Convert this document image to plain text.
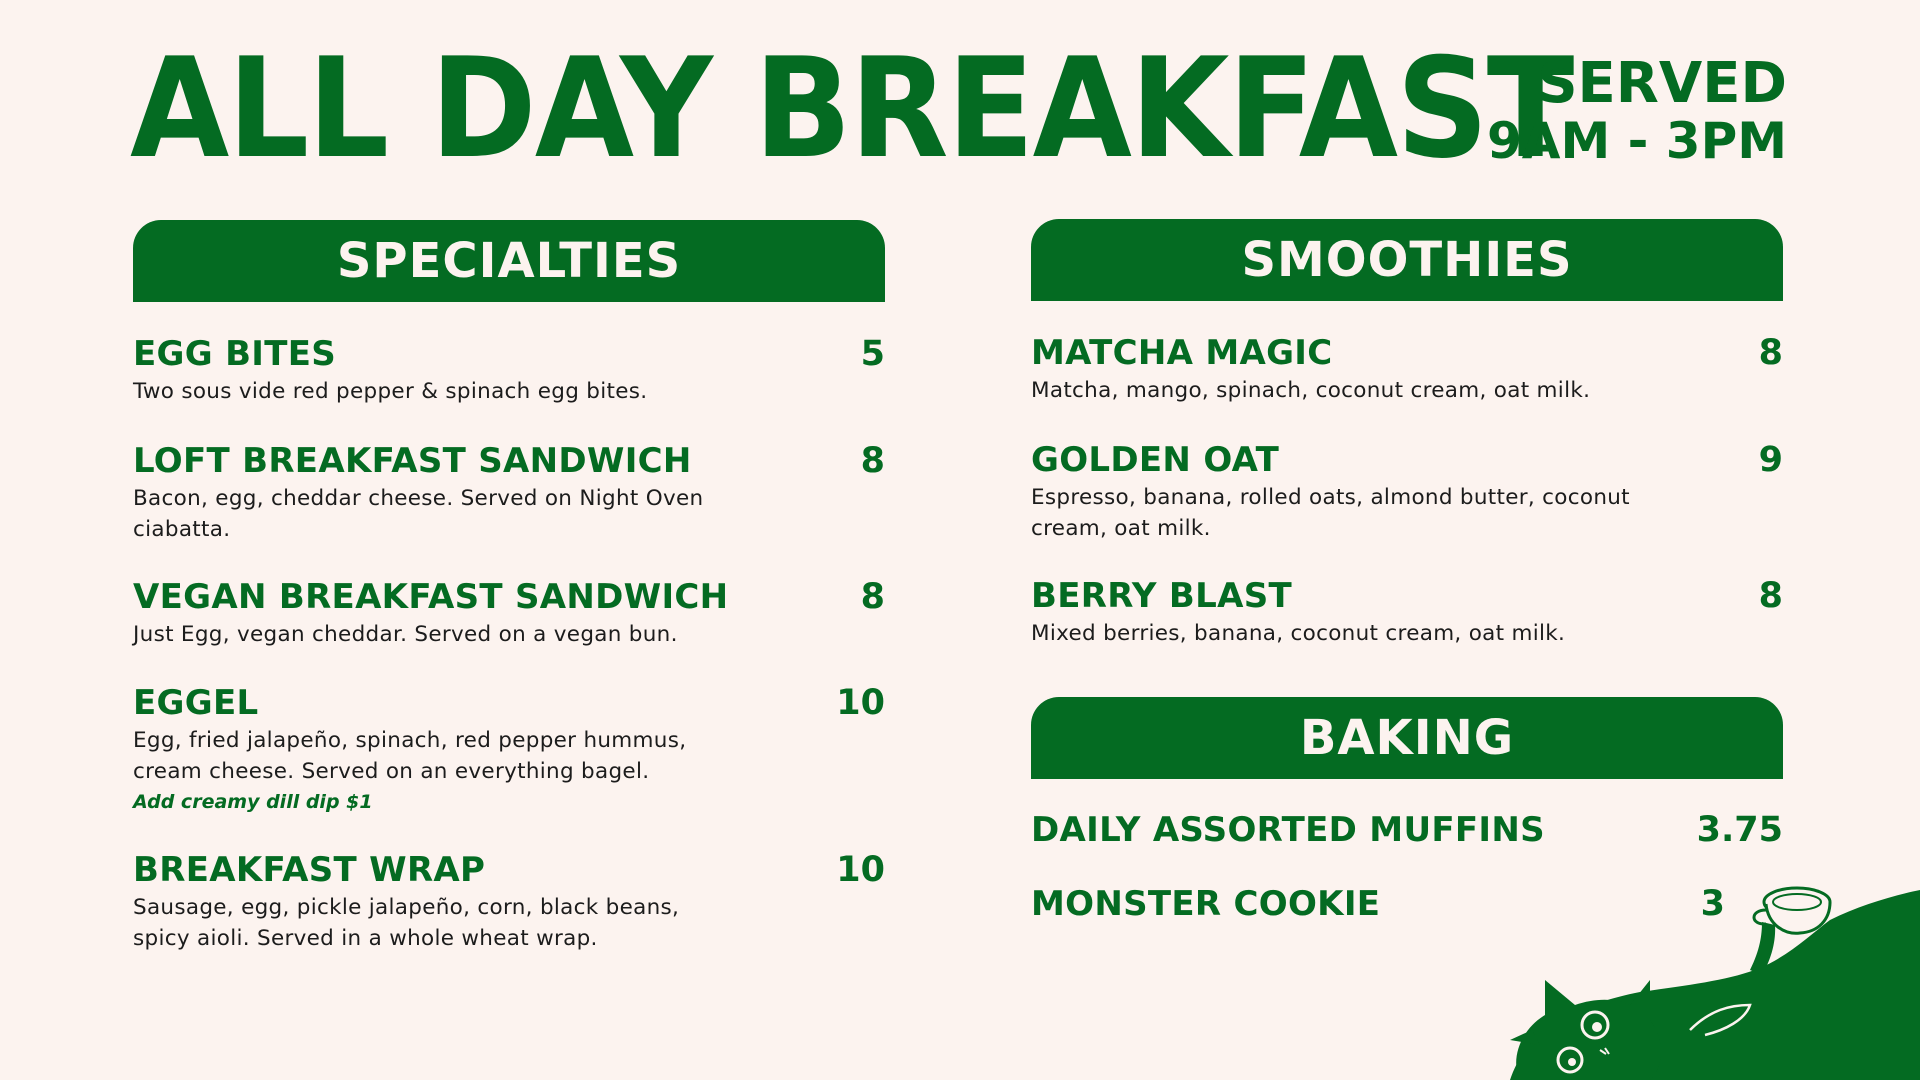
ALL DAY BREAKFAST
SERVED
9AM - 3PM
SPECIALTIES
EGG BITES	5
Two sous vide red pepper & spinach egg bites.
LOFT BREAKFAST SANDWICH	8
Bacon, egg, cheddar cheese. Served on Night Oven ciabatta.
VEGAN BREAKFAST SANDWICH	8
Just Egg, vegan cheddar. Served on a vegan bun.
EGGEL	10
Egg, fried jalapeño, spinach, red pepper hummus, cream cheese. Served on an everything bagel.
Add creamy dill dip $1
BREAKFAST WRAP	10
Sausage, egg, pickle jalapeño, corn, black beans, spicy aioli. Served in a whole wheat wrap.
SMOOTHIES
MATCHA MAGIC	8
Matcha, mango, spinach, coconut cream, oat milk.
GOLDEN OAT	9
Espresso, banana, rolled oats, almond butter, coconut cream, oat milk.
BERRY BLAST	8
Mixed berries, banana, coconut cream, oat milk.
BAKING
DAILY ASSORTED MUFFINS	3.75
MONSTER COOKIE	3
